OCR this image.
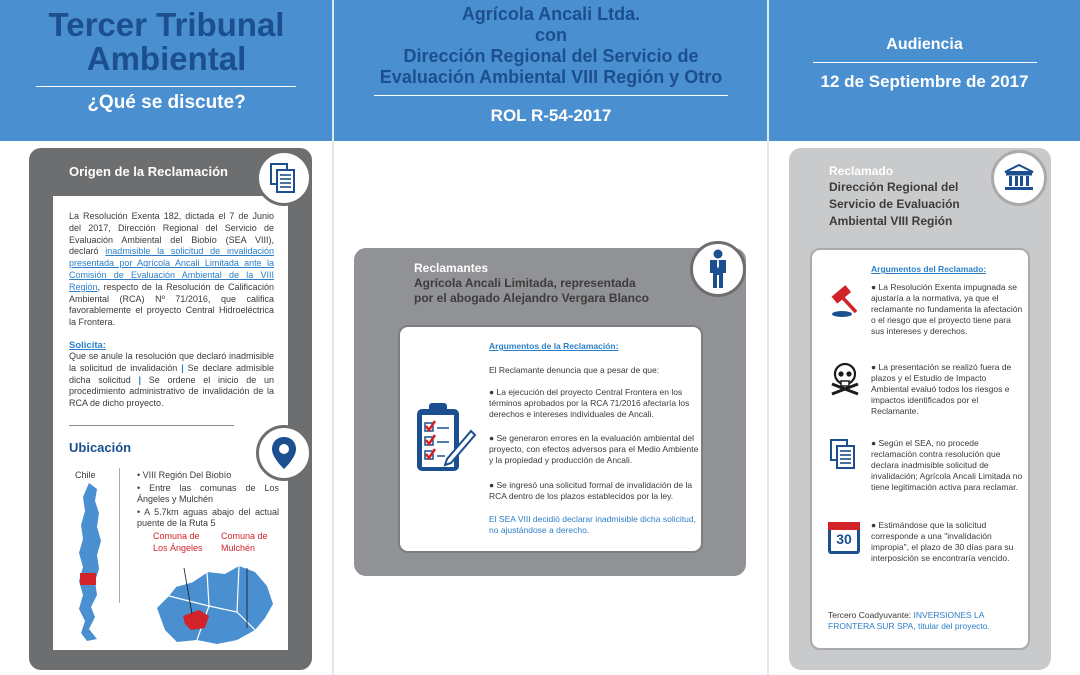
Tercer Tribunal
Ambiental
¿Qué se discute?
Agrícola Ancali Ltda.
con
Dirección Regional del Servicio de
Evaluación Ambiental VIII Región y Otro
ROL R-54-2017
Audiencia
12 de Septiembre de 2017
Origen de la Reclamación
La Resolución Exenta 182, dictada el 7 de Junio del 2017, Dirección Regional del Servicio de Evaluación Ambiental del Biobío (SEA VIII), declaró inadmisible la solicitud de invalidación presentada por Agrícola Ancali Limitada ante la Comisión de Evaluación Ambiental de la VIII Región, respecto de la Resolución de Calificación Ambiental (RCA) Nº 71/2016, que califica favorablemente el proyecto Central Hidroeléctrica la Frontera.
Solicita:
Que se anule la resolución que declaró inadmisible la solicitud de invalidación | Se declare admisible dicha solicitud | Se ordene el inicio de un procedimiento administrativo de invalidación de la RCA de dicho proyecto.
Ubicación
Chile	• VIII Región Del Biobío
• Entre las comunas de Los Ángeles y Mulchén
• A 5.7km aguas abajo del actual puente de la Ruta 5
Comuna de Los Ángeles
Comuna de Mulchén
Reclamantes
Agrícola Ancali Limitada, representada
por el abogado Alejandro Vergara Blanco
Argumentos de la Reclamación:
El Reclamante denuncia que a pesar de que:
● La ejecución del proyecto Central Frontera en los términos aprobados por la RCA 71/2016 afectaría los derechos e intereses individuales de Ancali.
● Se generaron errores en la evaluación ambiental del proyecto, con efectos adversos para el Medio Ambiente y la propiedad y producción de Ancali.
● Se ingresó una solicitud formal de invalidación de la RCA dentro de los plazos establecidos por la ley.
El SEA VIII decidió declarar inadmisible dicha solicitud, no ajustándose a derecho.
Reclamado
Dirección Regional del
Servicio de Evaluación
Ambiental VIII Región
Argumentos del Reclamado:
● La Resolución Exenta impugnada se ajustaría a la normativa, ya que el reclamante no fundamenta la afectación o el riesgo que el proyecto tiene para sus intereses y derechos.
● La presentación se realizó fuera de plazos y el Estudio de Impacto Ambiental evaluó todos los riesgos e impactos identificados por el Reclamante.
● Según el SEA, no procede reclamación contra resolución que declara inadmisible solicitud de invalidación; Agrícola Ancali Limitada no tiene legitimación activa para reclamar.
30
● Estimándose que la solicitud corresponde a una "invalidación impropia", el plazo de 30 días para su interposición se encontraría vencido.
Tercero Coadyuvante: INVERSIONES LA FRONTERA SUR SPA, titular del proyecto.
